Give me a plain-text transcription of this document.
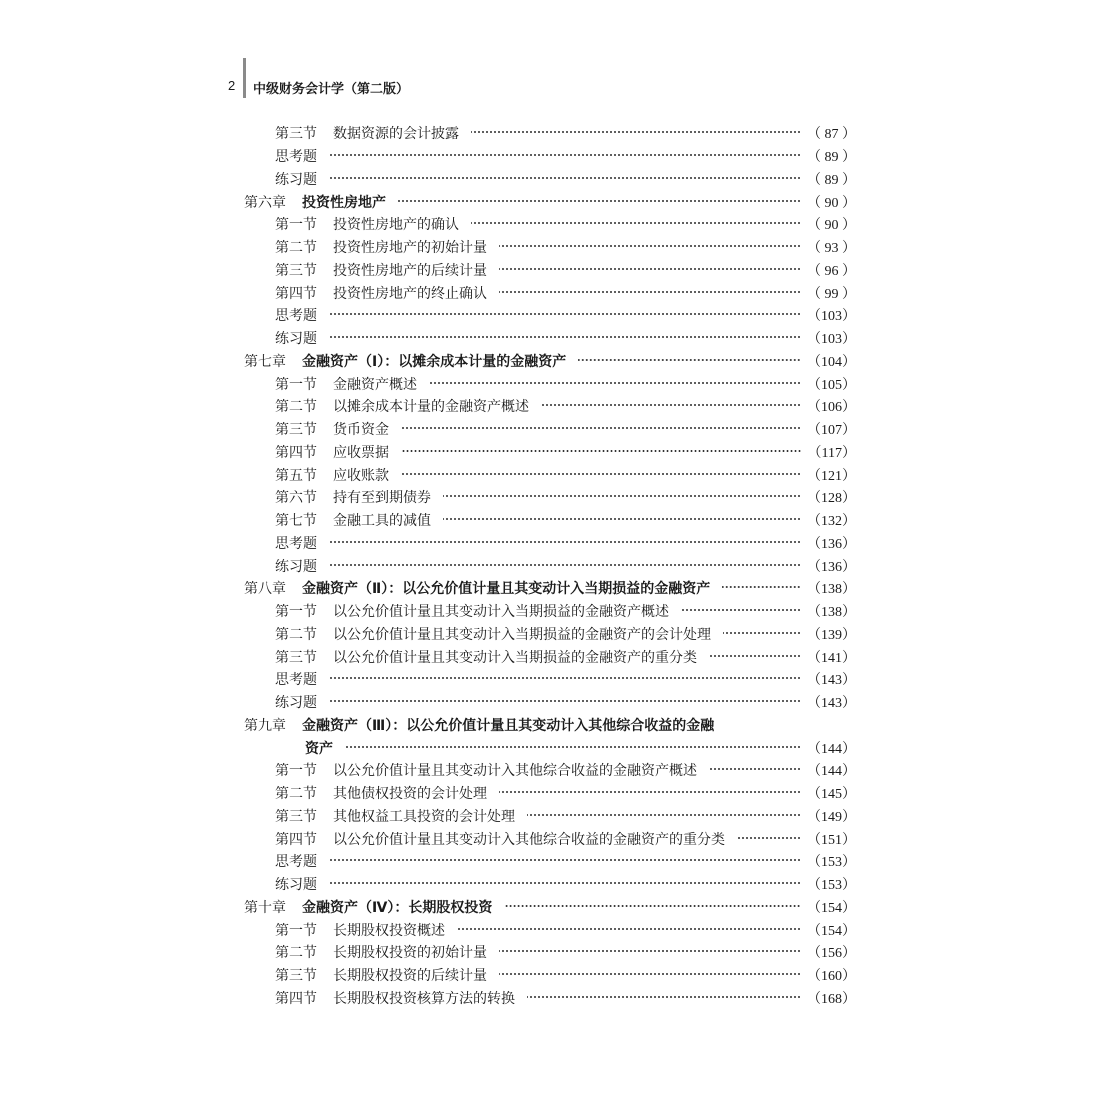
2 中级财务会计学（第二版）
第三节 数据资源的会计披露	（ 87 ）
思考题	（ 89 ）
练习题	（ 89 ）
第六章 投资性房地产	（ 90 ）
第一节 投资性房地产的确认	（ 90 ）
第二节 投资性房地产的初始计量	（ 93 ）
第三节 投资性房地产的后续计量	（ 96 ）
第四节 投资性房地产的终止确认	（ 99 ）
思考题	（103）
练习题	（103）
第七章 金融资产（Ⅰ）：以摊余成本计量的金融资产	（104）
第一节 金融资产概述	（105）
第二节 以摊余成本计量的金融资产概述	（106）
第三节 货币资金	（107）
第四节 应收票据	（117）
第五节 应收账款	（121）
第六节 持有至到期债券	（128）
第七节 金融工具的减值	（132）
思考题	（136）
练习题	（136）
第八章 金融资产（Ⅱ）：以公允价值计量且其变动计入当期损益的金融资产	（138）
第一节 以公允价值计量且其变动计入当期损益的金融资产概述	（138）
第二节 以公允价值计量且其变动计入当期损益的金融资产的会计处理	（139）
第三节 以公允价值计量且其变动计入当期损益的金融资产的重分类	（141）
思考题	（143）
练习题	（143）
第九章 金融资产（Ⅲ）：以公允价值计量且其变动计入其他综合收益的金融
资产	（144）
第一节 以公允价值计量且其变动计入其他综合收益的金融资产概述	（144）
第二节 其他债权投资的会计处理	（145）
第三节 其他权益工具投资的会计处理	（149）
第四节 以公允价值计量且其变动计入其他综合收益的金融资产的重分类	（151）
思考题	（153）
练习题	（153）
第十章 金融资产（Ⅳ）：长期股权投资	（154）
第一节 长期股权投资概述	（154）
第二节 长期股权投资的初始计量	（156）
第三节 长期股权投资的后续计量	（160）
第四节 长期股权投资核算方法的转换	（168）
